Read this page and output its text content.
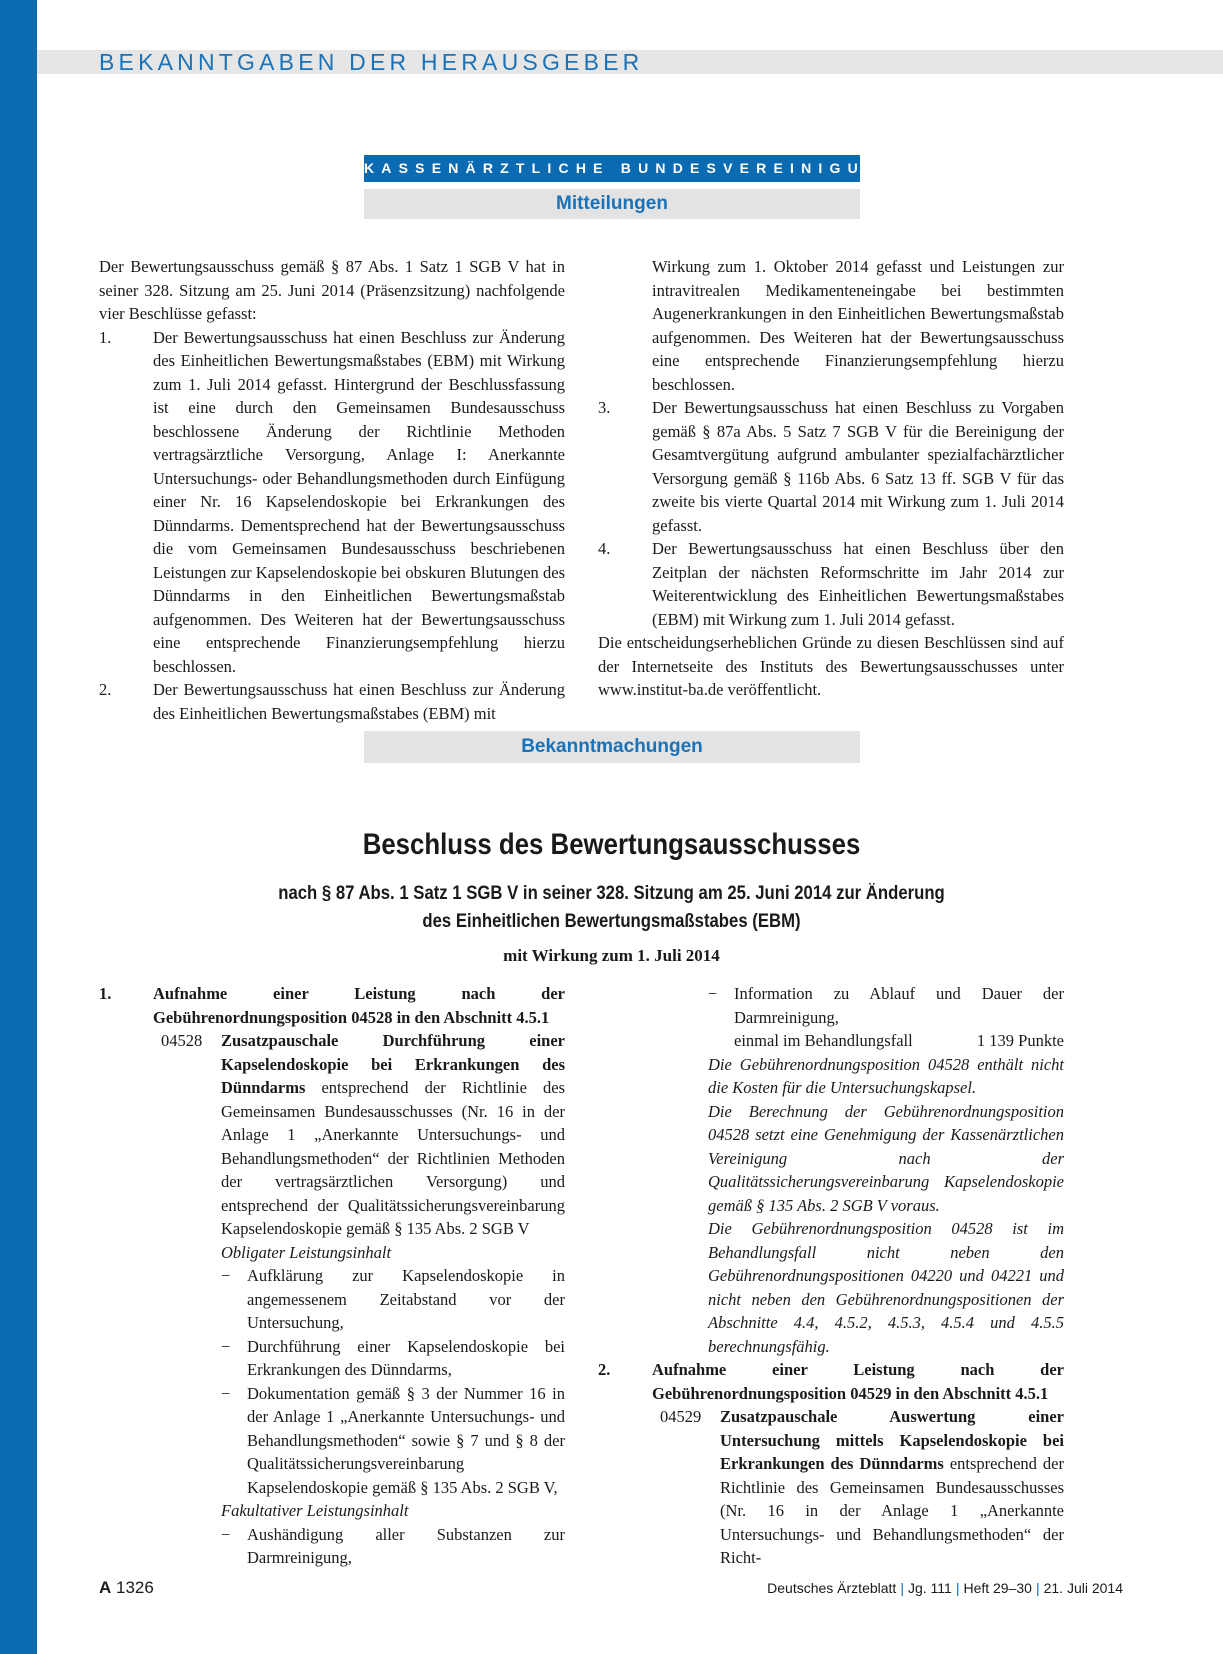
BEKANNTGABEN DER HERAUSGEBER
KASSENÄRZTLICHE BUNDESVEREINIGUNG
Mitteilungen

Der Bewertungsausschuss gemäß § 87 Abs. 1 Satz 1 SGB V hat in seiner 328. Sitzung am 25. Juni 2014 (Präsenzsitzung) nachfolgende vier Beschlüsse gefasst:

1.	Der Bewertungsausschuss hat einen Beschluss zur Änderung des Einheitlichen Bewertungsmaßstabes (EBM) mit Wirkung zum 1. Juli 2014 gefasst. Hintergrund der Beschlussfassung ist eine durch den Gemeinsamen Bundesausschuss beschlossene Änderung der Richtlinie Methoden vertragsärztliche Versorgung, Anlage I: Anerkannte Untersuchungs- oder Behandlungsmethoden durch Einfügung einer Nr. 16 Kapselendoskopie bei Erkrankungen des Dünndarms. Dementsprechend hat der Bewertungsausschuss die vom Gemeinsamen Bundesausschuss beschriebenen Leistungen zur Kapselendoskopie bei obskuren Blutungen des Dünndarms in den Einheitlichen Bewertungsmaßstab aufgenommen. Des Weiteren hat der Bewertungsausschuss eine entsprechende Finanzierungsempfehlung hierzu beschlossen.
2.	Der Bewertungsausschuss hat einen Beschluss zur Änderung des Einheitlichen Bewertungsmaßstabes (EBM) mit
Wirkung zum 1. Oktober 2014 gefasst und Leistungen zur intravitrealen Medikamenteneingabe bei bestimmten Augenerkrankungen in den Einheitlichen Bewertungsmaßstab aufgenommen. Des Weiteren hat der Bewertungsausschuss eine entsprechende Finanzierungsempfehlung hierzu beschlossen.
3.	Der Bewertungsausschuss hat einen Beschluss zu Vorgaben gemäß § 87a Abs. 5 Satz 7 SGB V für die Bereinigung der Gesamtvergütung aufgrund ambulanter spezialfachärztlicher Versorgung gemäß § 116b Abs. 6 Satz 13 ff. SGB V für das zweite bis vierte Quartal 2014 mit Wirkung zum 1. Juli 2014 gefasst.
4.	Der Bewertungsausschuss hat einen Beschluss über den Zeitplan der nächsten Reformschritte im Jahr 2014 zur Weiterentwicklung des Einheitlichen Bewertungsmaßstabes (EBM) mit Wirkung zum 1. Juli 2014 gefasst.

Die entscheidungserheblichen Gründe zu diesen Beschlüssen sind auf der Internetseite des Instituts des Bewertungsausschusses unter www.institut-ba.de veröffentlicht.

Bekanntmachungen
Beschluss des Bewertungsausschusses
nach § 87 Abs. 1 Satz 1 SGB V in seiner 328. Sitzung am 25. Juni 2014 zur Änderung
des Einheitlichen Bewertungsmaßstabes (EBM)
mit Wirkung zum 1. Juli 2014
1.	Aufnahme einer Leistung nach der Gebührenordnungsposition 04528 in den Abschnitt 4.5.1
04528 Zusatzpauschale Durchführung einer Kapselendoskopie bei Erkrankungen des Dünndarms entsprechend der Richtlinie des Gemeinsamen Bundesausschusses (Nr. 16 in der Anlage 1 „Anerkannte Untersuchungs- und Behandlungsmethoden“ der Richtlinien Methoden der vertragsärztlichen Versorgung) und entsprechend der Qualitätssicherungsvereinbarung Kapselendoskopie gemäß § 135 Abs. 2 SGB V
Obligater Leistungsinhalt
− Aufklärung zur Kapselendoskopie in angemessenem Zeitabstand vor der Untersuchung,
− Durchführung einer Kapselendoskopie bei Erkrankungen des Dünndarms,
− Dokumentation gemäß § 3 der Nummer 16 in der Anlage 1 „Anerkannte Untersuchungs- und Behandlungsmethoden“ sowie § 7 und § 8 der Qualitätssicherungsvereinbarung Kapselendoskopie gemäß § 135 Abs. 2 SGB V,
Fakultativer Leistungsinhalt
− Aushändigung aller Substanzen zur Darmreinigung,
− Information zu Ablauf und Dauer der Darmreinigung,
einmal im Behandlungsfall	1 139 Punkte
Die Gebührenordnungsposition 04528 enthält nicht die Kosten für die Untersuchungskapsel.
Die Berechnung der Gebührenordnungsposition 04528 setzt eine Genehmigung der Kassenärztlichen Vereinigung nach der Qualitätssicherungsvereinbarung Kapselendoskopie gemäß § 135 Abs. 2 SGB V voraus.
Die Gebührenordnungsposition 04528 ist im Behandlungsfall nicht neben den Gebührenordnungspositionen 04220 und 04221 und nicht neben den Gebührenordnungspositionen der Abschnitte 4.4, 4.5.2, 4.5.3, 4.5.4 und 4.5.5 berechnungsfähig.
2.	Aufnahme einer Leistung nach der Gebührenordnungsposition 04529 in den Abschnitt 4.5.1
04529 Zusatzpauschale Auswertung einer Untersuchung mittels Kapselendoskopie bei Erkrankungen des Dünndarms entsprechend der Richtlinie des Gemeinsamen Bundesausschusses (Nr. 16 in der Anlage 1 „Anerkannte Untersuchungs- und Behandlungsmethoden“ der Richt-
A 1326	Deutsches Ärzteblatt | Jg. 111 | Heft 29–30 | 21. Juli 2014
